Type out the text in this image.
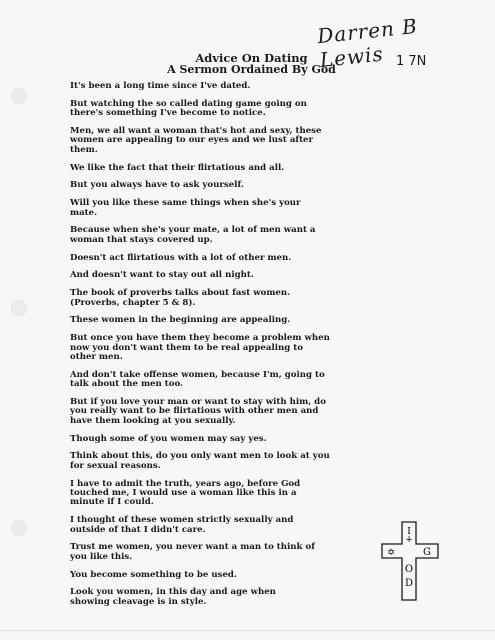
Darren B Lewis 1 7N
Advice On Dating
A Sermon Ordained By God
It's been a long time since I've dated.
But watching the so called dating game going on
there's something I've become to notice.
Men, we all want a woman that's hot and sexy, these
women are appealing to our eyes and we lust after
them.
We like the fact that their flirtatious and all.
But you always have to ask yourself.
Will you like these same things when she's your
mate.
Because when she's your mate, a lot of men want a
woman that stays covered up.
Doesn't act flirtatious with a lot of other men.
And doesn't want to stay out all night.
The book of proverbs talks about fast women.
(Proverbs, chapter 5 & 8).
These women in the beginning are appealing.
But once you have them they become a problem when
now you don't want them to be real appealing to
other men.
And don't take offense women, because I'm, going to
talk about the men too.
But if you love your man or want to stay with him, do
you really want to be flirtatious with other men and
have them looking at you sexually.
Though some of you women may say yes.
Think about this, do you only want men to look at you
for sexual reasons.
I have to admit the truth, years ago, before God
touched me, I would use a woman like this in a
minute if I could.
I thought of these women strictly sexually and
outside of that I didn't care.
Trust me women, you never want a man to think of
you like this.
You become something to be used.
Look you women, in this day and age when
showing cleavage is in style.
I
+
✡	G
O
D
